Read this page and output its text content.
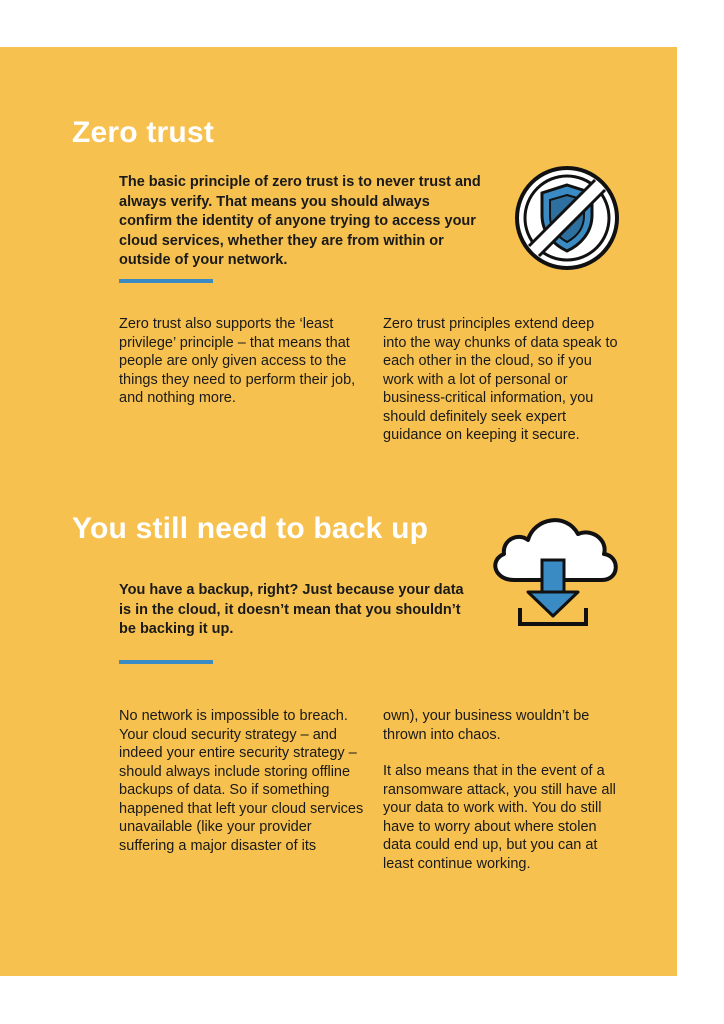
Zero trust

The basic principle of zero trust is to never trust and always verify. That means you should always confirm the identity of anyone trying to access your cloud services, whether they are from within or outside of your network.

Zero trust also supports the ‘least privilege’ principle – that means that people are only given access to the things they need to perform their job, and nothing more.

Zero trust principles extend deep into the way chunks of data speak to each other in the cloud, so if you work with a lot of personal or business-critical information, you should definitely seek expert guidance on keeping it secure.

You still need to back up

You have a backup, right? Just because your data is in the cloud, it doesn’t mean that you shouldn’t be backing it up.

No network is impossible to breach. Your cloud security strategy – and indeed your entire security strategy – should always include storing offline backups of data. So if something happened that left your cloud services unavailable (like your provider suffering a major disaster of its

own), your business wouldn’t be thrown into chaos.

It also means that in the event of a ransomware attack, you still have all your data to work with. You do still have to worry about where stolen data could end up, but you can at least continue working.
